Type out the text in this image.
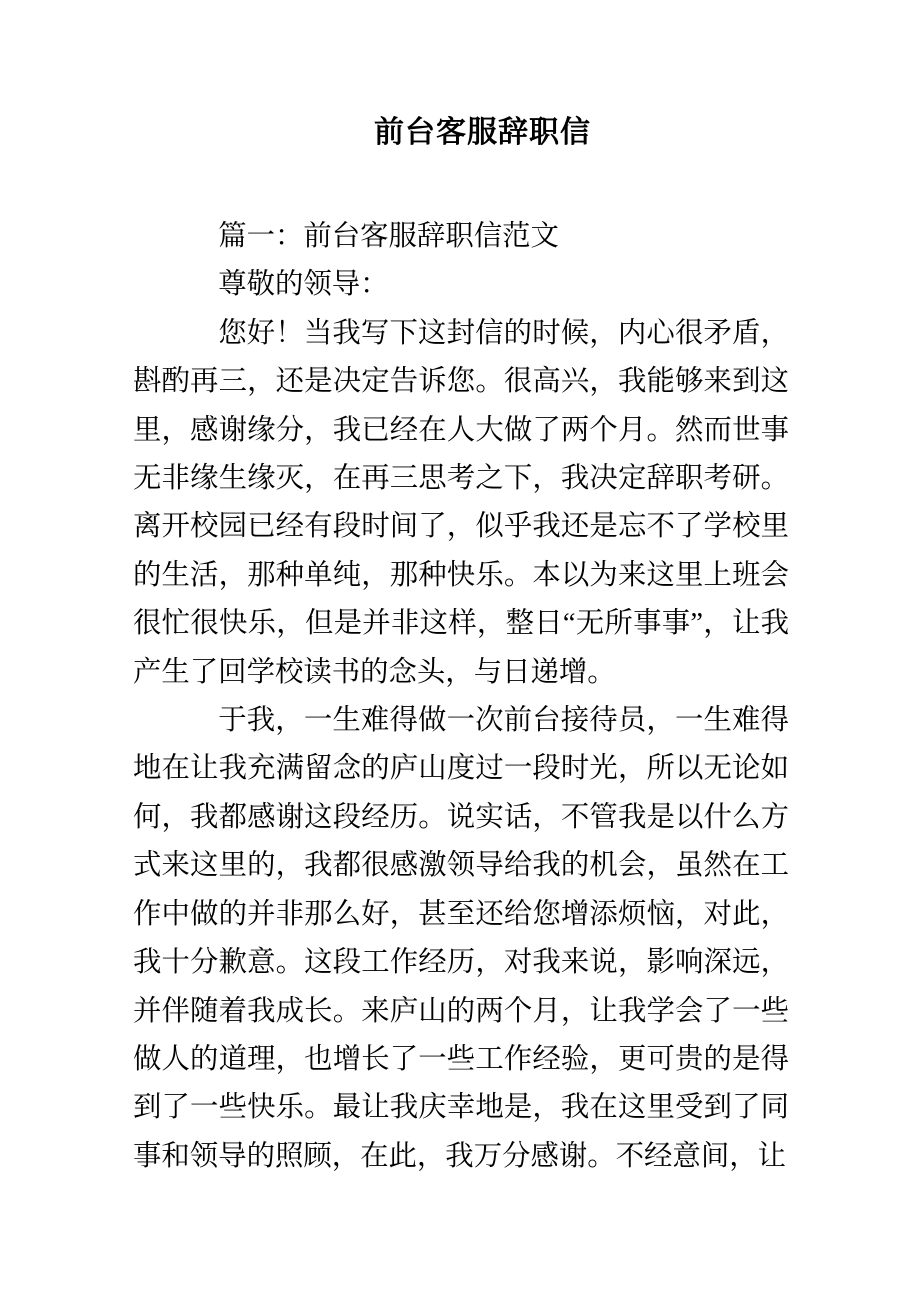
前台客服辞职信

篇一：前台客服辞职信范文

尊敬的领导：

您好！当我写下这封信的时候，内心很矛盾，斟酌再三，还是决定告诉您。很高兴，我能够来到这里，感谢缘分，我已经在人大做了两个月。然而世事无非缘生缘灭，在再三思考之下，我决定辞职考研。离开校园已经有段时间了，似乎我还是忘不了学校里的生活，那种单纯，那种快乐。本以为来这里上班会很忙很快乐，但是并非这样，整日“无所事事”，让我产生了回学校读书的念头，与日递增。

于我，一生难得做一次前台接待员，一生难得地在让我充满留念的庐山度过一段时光，所以无论如何，我都感谢这段经历。说实话，不管我是以什么方式来这里的，我都很感激领导给我的机会，虽然在工作中做的并非那么好，甚至还给您增添烦恼，对此，我十分歉意。这段工作经历，对我来说，影响深远，并伴随着我成长。来庐山的两个月，让我学会了一些做人的道理，也增长了一些工作经验，更可贵的是得到了一些快乐。最让我庆幸地是，我在这里受到了同事和领导的照顾，在此，我万分感谢。不经意间，让
